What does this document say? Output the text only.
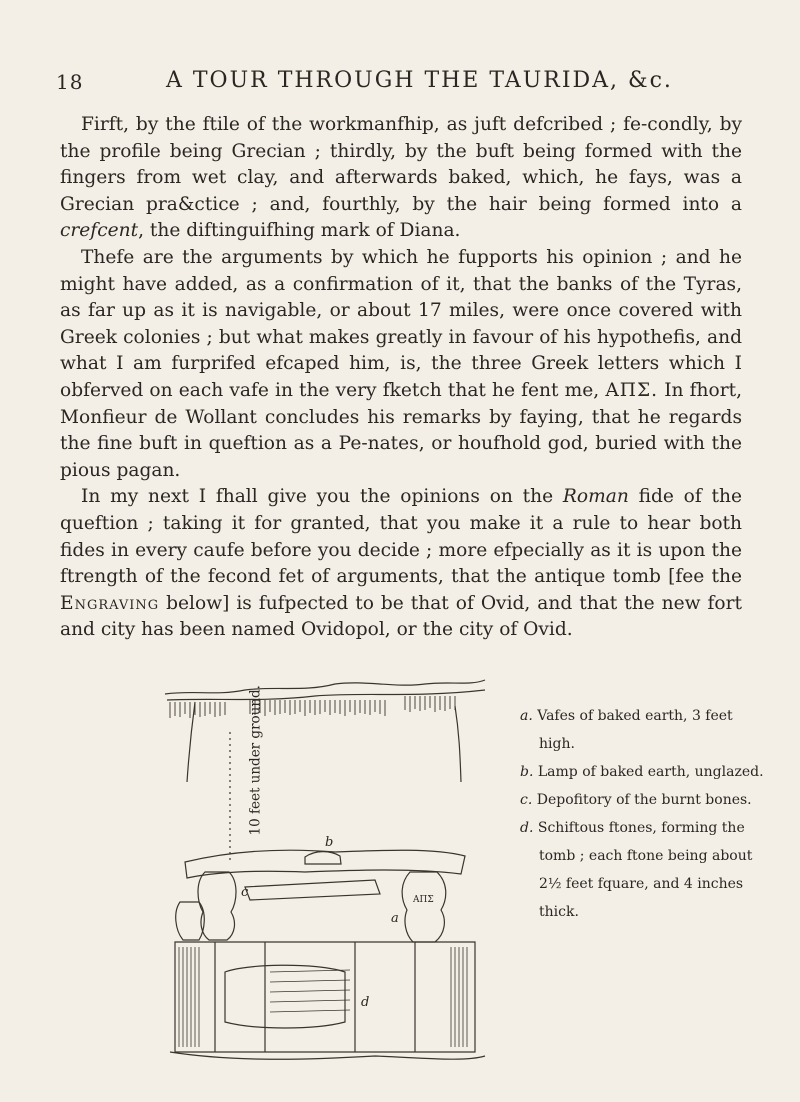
18	A TOUR THROUGH THE TAURIDA, &c.

Firft, by the ftile of the workmanfhip, as juft defcribed ; fe-condly, by the profile being Grecian ; thirdly, by the buft being formed with the fingers from wet clay, and afterwards baked, which, he fays, was a Grecian pra&ctice ; and, fourthly, by the hair being formed into a crefcent, the diftinguifhing mark of Diana.

Thefe are the arguments by which he fupports his opinion ; and he might have added, as a confirmation of it, that the banks of the Tyras, as far up as it is navigable, or about 17 miles, were once covered with Greek colonies ; but what makes greatly in favour of his hypothefis, and what I am furprifed efcaped him, is, the three Greek letters which I obferved on each vafe in the very fketch that he fent me, ΑΠΣ. In fhort, Monfieur de Wollant concludes his remarks by faying, that he regards the fine buft in queftion as a Pe-nates, or houfhold god, buried with the pious pagan.

In my next I fhall give you the opinions on the Roman fide of the queftion ; taking it for granted, that you make it a rule to hear both fides in every caufe before you decide ; more efpecially as it is upon the ftrength of the fecond fet of arguments, that the antique tomb [fee the Engraving below] is fufpected to be that of Ovid, and that the new fort and city has been named Ovidopol, or the city of Ovid.

b
c
a
d
ΑΠΣ
10 feet under ground.	a. Vafes of baked earth, 3 feet
high.
b. Lamp of baked earth, unglazed.
c. Depofitory of the burnt bones.
d. Schiftous ftones, forming the
tomb ; each ftone being about 2½ feet fquare, and 4 inches thick.
